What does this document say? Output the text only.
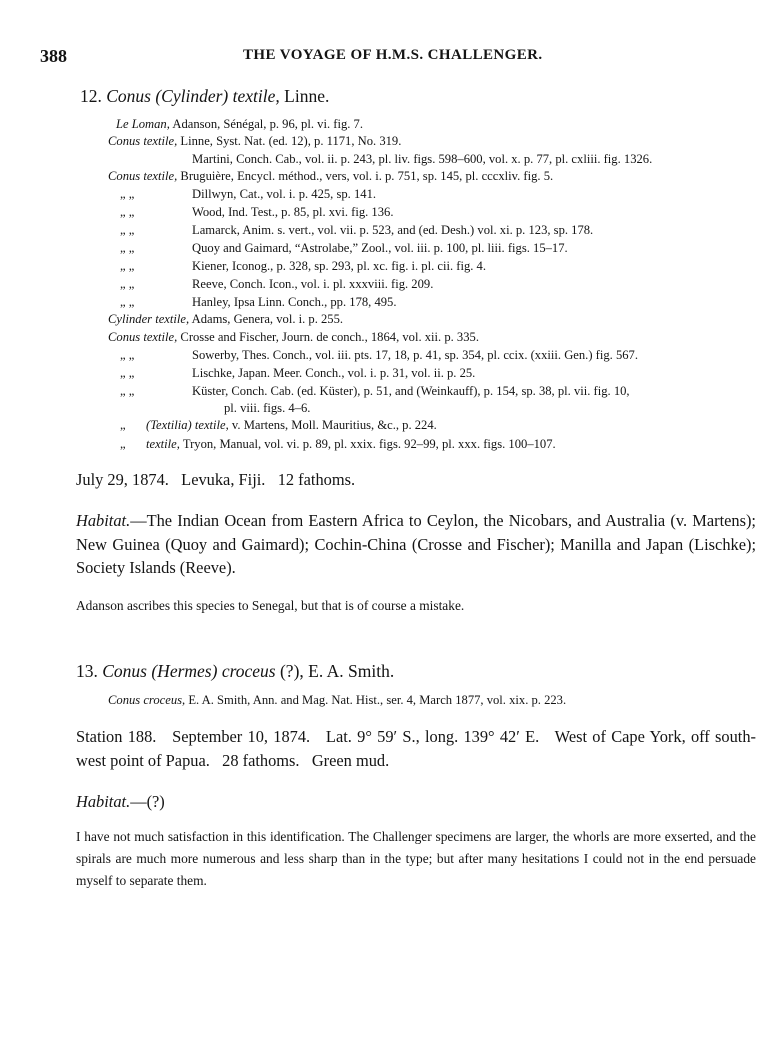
388	THE VOYAGE OF H.M.S. CHALLENGER.
12. Conus (Cylinder) textile, Linne.
Le Loman, Adanson, Sénégal, p. 96, pl. vi. fig. 7.
Conus textile, Linne, Syst. Nat. (ed. 12), p. 1171, No. 319.
Martini, Conch. Cab., vol. ii. p. 243, pl. liv. figs. 598–600, vol. x. p. 77, pl. cxliii. fig. 1326.
Conus textile, Bruguière, Encycl. méthod., vers, vol. i. p. 751, sp. 145, pl. cccxliv. fig. 5.
„ „	Dillwyn, Cat., vol. i. p. 425, sp. 141.
„ „	Wood, Ind. Test., p. 85, pl. xvi. fig. 136.
„ „	Lamarck, Anim. s. vert., vol. vii. p. 523, and (ed. Desh.) vol. xi. p. 123, sp. 178.
„ „	Quoy and Gaimard, “Astrolabe,” Zool., vol. iii. p. 100, pl. liii. figs. 15–17.
„ „	Kiener, Iconog., p. 328, sp. 293, pl. xc. fig. i. pl. cii. fig. 4.
„ „	Reeve, Conch. Icon., vol. i. pl. xxxviii. fig. 209.
„ „	Hanley, Ipsa Linn. Conch., pp. 178, 495.
Cylinder textile, Adams, Genera, vol. i. p. 255.
Conus textile, Crosse and Fischer, Journ. de conch., 1864, vol. xii. p. 335.
„ „	Sowerby, Thes. Conch., vol. iii. pts. 17, 18, p. 41, sp. 354, pl. ccix. (xxiii. Gen.) fig. 567.
„ „	Lischke, Japan. Meer. Conch., vol. i. p. 31, vol. ii. p. 25.
„ „	Küster, Conch. Cab. (ed. Küster), p. 51, and (Weinkauff), p. 154, sp. 38, pl. vii. fig. 10,
pl. viii. figs. 4–6.
„ (Textilia) textile, v. Martens, Moll. Mauritius, &c., p. 224.
„ textile, Tryon, Manual, vol. vi. p. 89, pl. xxix. figs. 92–99, pl. xxx. figs. 100–107.
July 29, 1874.   Levuka, Fiji.   12 fathoms.
Habitat.—The Indian Ocean from Eastern Africa to Ceylon, the Nicobars, and Australia (v. Martens); New Guinea (Quoy and Gaimard); Cochin-China (Crosse and Fischer); Manilla and Japan (Lischke); Society Islands (Reeve).
Adanson ascribes this species to Senegal, but that is of course a mistake.
13. Conus (Hermes) croceus (?), E. A. Smith.
Conus croceus, E. A. Smith, Ann. and Mag. Nat. Hist., ser. 4, March 1877, vol. xix. p. 223.
Station 188.   September 10, 1874.   Lat. 9° 59′ S., long. 139° 42′ E.   West of Cape York, off south-west point of Papua.   28 fathoms.   Green mud.
Habitat.—(?)
I have not much satisfaction in this identification. The Challenger specimens are larger, the whorls are more exserted, and the spirals are much more numerous and less sharp than in the type; but after many hesitations I could not in the end persuade myself to separate them.
